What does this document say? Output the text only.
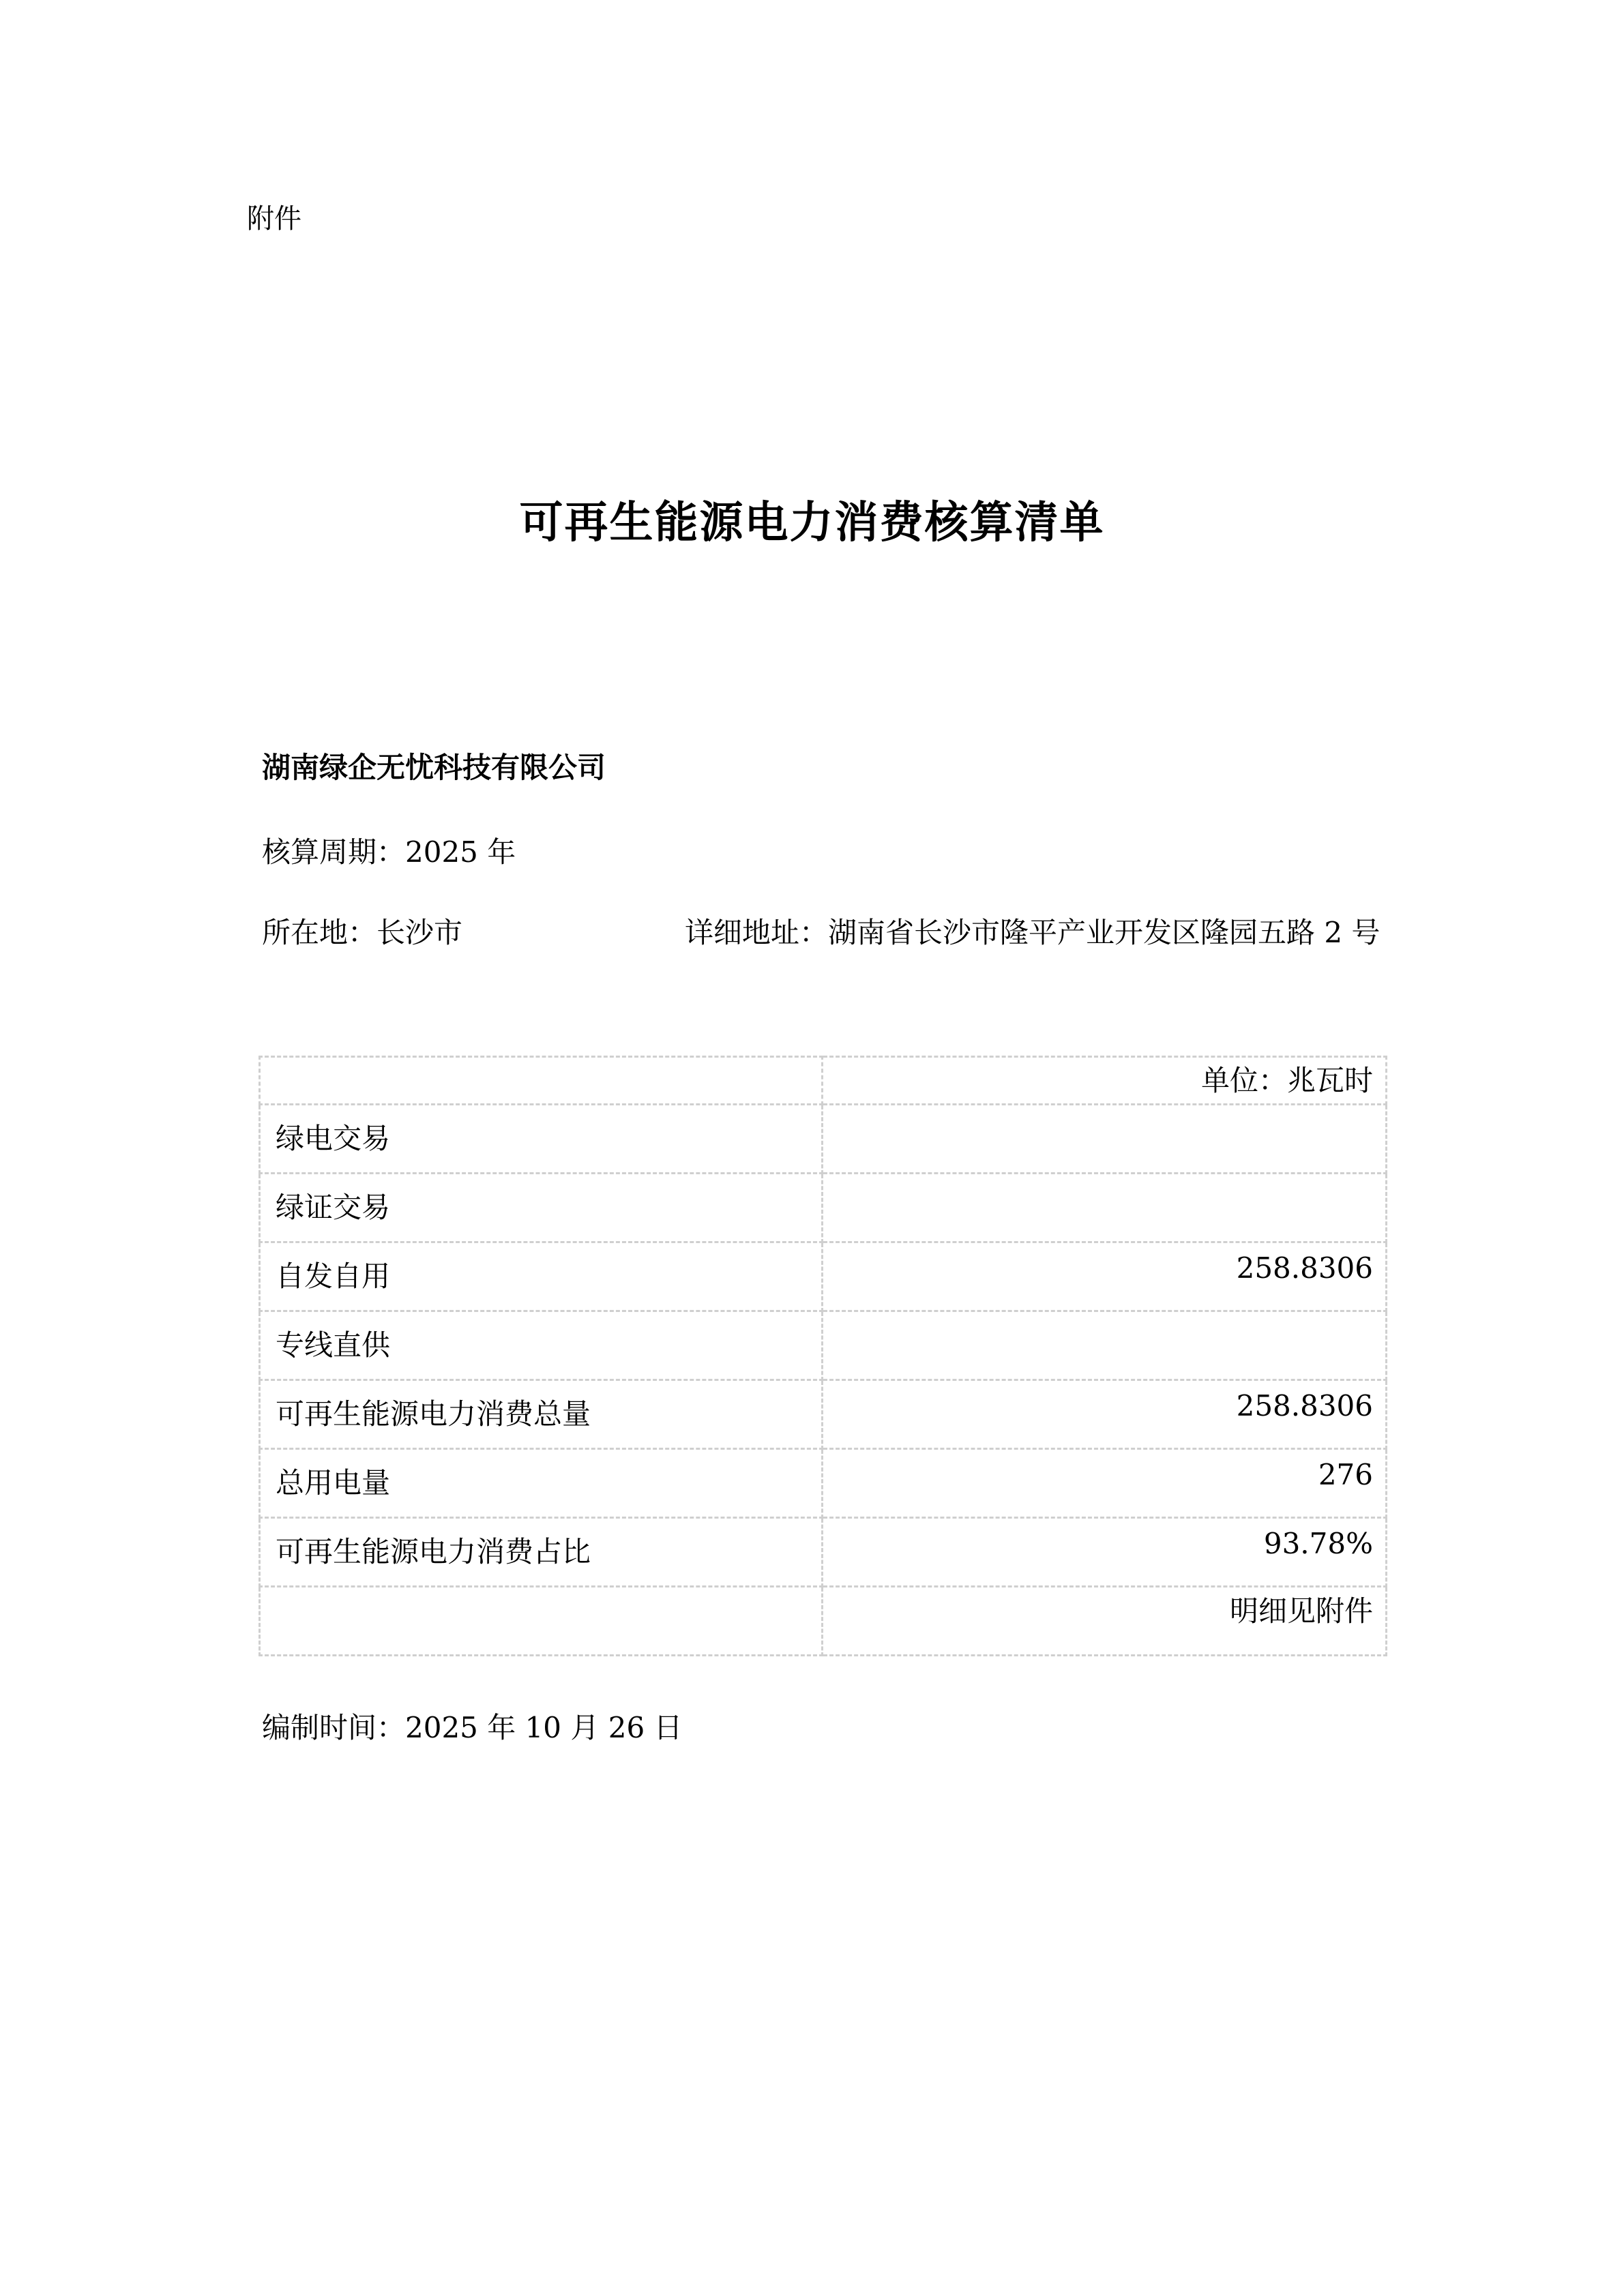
附件
可再生能源电力消费核算清单
湖南绿企无忧科技有限公司
核算周期：2025 年
所在地：长沙市	详细地址：湖南省长沙市隆平产业开发区隆园五路 2 号
	单位：兆瓦时
绿电交易	
绿证交易	
自发自用	258.8306
专线直供	
可再生能源电力消费总量	258.8306
总用电量	276
可再生能源电力消费占比	93.78%
	明细见附件
编制时间：2025 年 10 月 26 日
